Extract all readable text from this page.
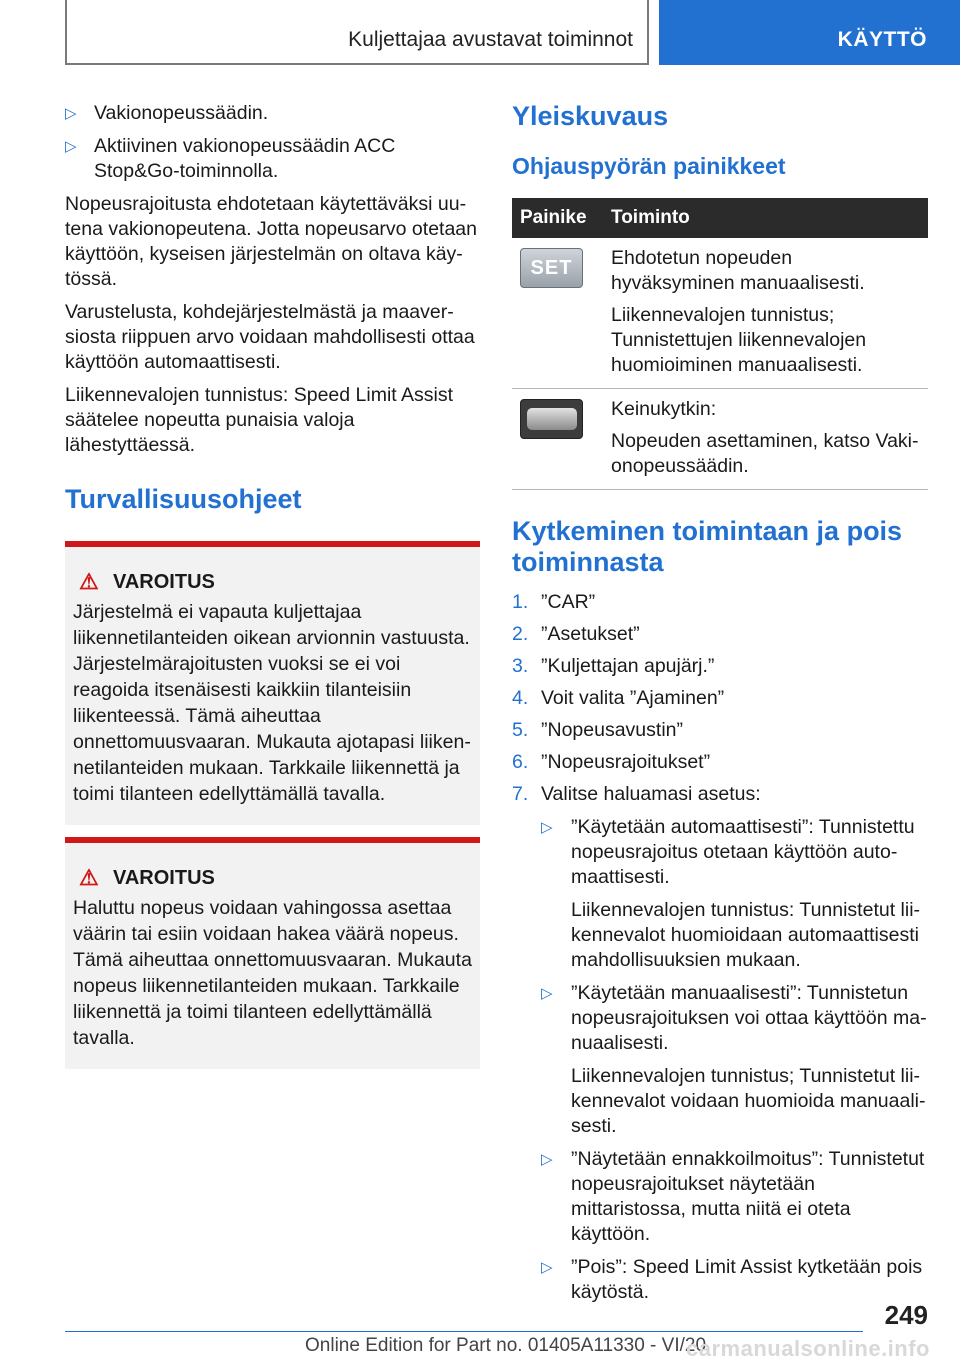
Kuljettajaa avustavat toiminnot	KÄYTTÖ
▷ Vakionopeussäädin.
▷ Aktiivinen vakionopeussäädin ACC Stop&Go-toiminnolla.

Nopeusrajoitusta ehdotetaan käytettäväksi uutena vakionopeutena. Jotta nopeusarvo otetaan käyttöön, kyseisen järjestelmän on oltava käytössä.

Varustelusta, kohdejärjestelmästä ja maaversiosta riippuen arvo voidaan mahdollisesti ottaa käyttöön automaattisesti.

Liikennevalojen tunnistus: Speed Limit Assist säätelee nopeutta punaisia valoja lähestyttäessä.

Turvallisuusohjeet
⚠ VAROITUS

Järjestelmä ei vapauta kuljettajaa liikennetilanteiden oikean arvionnin vastuusta. Järjestelmärajoitusten vuoksi se ei voi reagoida itsenäisesti kaikkiin tilanteisiin liikenteessä. Tämä aiheuttaa onnettomuusvaaran. Mukauta ajotapasi liikennetilanteiden mukaan. Tarkkaile liikennettä ja toimi tilanteen edellyttämällä tavalla.

⚠ VAROITUS

Haluttu nopeus voidaan vahingossa asettaa väärin tai esiin voidaan hakea väärä nopeus. Tämä aiheuttaa onnettomuusvaaran. Mukauta nopeus liikennetilanteiden mukaan. Tarkkaile liikennettä ja toimi tilanteen edellyttämällä tavalla.

Yleiskuvaus
Ohjauspyörän painikkeet
Painike	Toiminto

SET	Ehdotetun nopeuden hyväksyminen manuaalisesti.

Liikennevalojen tunnistus; Tunnistettujen liikennevalojen huomioiminen manuaalisesti.

	Keinukytkin:

Nopeuden asettaminen, katso Vakionopeussäädin.

Kytkeminen toimintaan ja pois toiminnasta
1. ”CAR”
2. ”Asetukset”
3. ”Kuljettajan apujärj.”
4. Voit valita ”Ajaminen”
5. ”Nopeusavustin”
6. ”Nopeusrajoitukset”
7. Valitse haluamasi asetus:
▷ ”Käytetään automaattisesti”: Tunnistettu nopeusrajoitus otetaan käyttöön automaattisesti.

Liikennevalojen tunnistus: Tunnistetut liikennevalot huomioidaan automaattisesti mahdollisuuksien mukaan.

▷ ”Käytetään manuaalisesti”: Tunnistetun nopeusrajoituksen voi ottaa käyttöön manuaalisesti.

Liikennevalojen tunnistus; Tunnistetut liikennevalot voidaan huomioida manuaalisesti.

▷ ”Näytetään ennakkoilmoitus”: Tunnistetut nopeusrajoitukset näytetään mittaristossa, mutta niitä ei oteta käyttöön.

▷ ”Pois”: Speed Limit Assist kytketään pois käytöstä.

249
Online Edition for Part no. 01405A11330 - VI/20
carmanualsonline.info
